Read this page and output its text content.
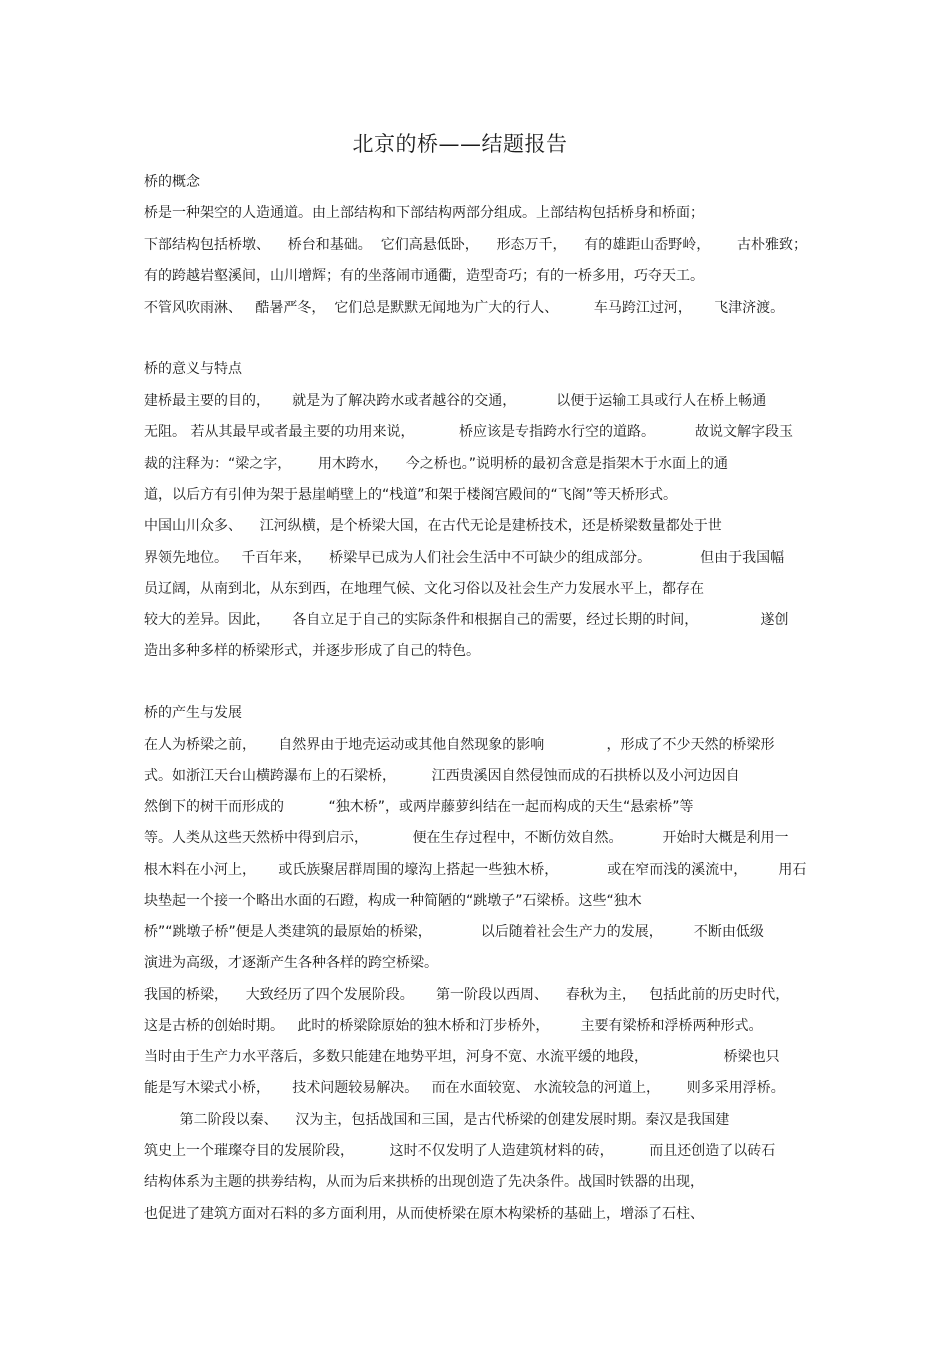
北京的桥——结题报告
桥的概念
桥是一种架空的人造通道。由上部结构和下部结构两部分组成。上部结构包括桥身和桥面；
下部结构包括桥墩、    桥台和基础。  它们高悬低卧，    形态万千，    有的雄距山岙野岭，      古朴雅致；
有的跨越岩壑溪间，山川增辉；有的坐落闹市通衢，造型奇巧；有的一桥多用，巧夺天工。
不管风吹雨淋、   酷暑严冬，  它们总是默默无闻地为广大的行人、        车马跨江过河，     飞津济渡。
桥的意义与特点
建桥最主要的目的，     就是为了解决跨水或者越谷的交通，         以便于运输工具或行人在桥上畅通
无阻。 若从其最早或者最主要的功用来说，          桥应该是专指跨水行空的道路。         故说文解字段玉
裁的注释为：“梁之字，      用木跨水，    今之桥也。”说明桥的最初含意是指架木于水面上的通
道，以后方有引伸为架于悬崖峭壁上的“栈道”和架于楼阁宫殿间的“飞阁”等天桥形式。
中国山川众多、    江河纵横，是个桥梁大国，在古代无论是建桥技术，还是桥梁数量都处于世
界领先地位。   千百年来，    桥梁早已成为人们社会生活中不可缺少的组成部分。           但由于我国幅
员辽阔，从南到北，从东到西，在地理气候、文化习俗以及社会生产力发展水平上，都存在
较大的差异。因此，     各自立足于自己的实际条件和根据自己的需要，经过长期的时间，              遂创
造出多种多样的桥梁形式，并逐步形成了自己的特色。
桥的产生与发展
在人为桥梁之前，     自然界由于地壳运动或其他自然现象的影响              ，形成了不少天然的桥梁形
式。如浙江天台山横跨瀑布上的石梁桥，        江西贵溪因自然侵蚀而成的石拱桥以及小河边因自
然倒下的树干而形成的          “独木桥”，或两岸藤萝纠结在一起而构成的天生“悬索桥”等
等。人类从这些天然桥中得到启示，          便在生存过程中，不断仿效自然。         开始时大概是利用一
根木料在小河上，     或氏族聚居群周围的壕沟上搭起一些独木桥，           或在窄而浅的溪流中，       用石
块垫起一个接一个略出水面的石蹬，构成一种简陋的“跳墩子”石梁桥。这些“独木
桥”“跳墩子桥”便是人类建筑的最原始的桥梁，           以后随着社会生产力的发展，       不断由低级
演进为高级，才逐渐产生各种各样的跨空桥梁。
我国的桥梁，    大致经历了四个发展阶段。     第一阶段以西周、    春秋为主，   包括此前的历史时代，
这是古桥的创始时期。   此时的桥梁除原始的独木桥和汀步桥外，       主要有梁桥和浮桥两种形式。
当时由于生产力水平落后，多数只能建在地势平坦，河身不宽、水流平缓的地段，                 桥梁也只
能是写木梁式小桥，     技术问题较易解决。   而在水面较宽、 水流较急的河道上，      则多采用浮桥。
第二阶段以秦、    汉为主，包括战国和三国，是古代桥梁的创建发展时期。秦汉是我国建
筑史上一个璀璨夺目的发展阶段，        这时不仅发明了人造建筑材料的砖，        而且还创造了以砖石
结构体系为主题的拱劵结构，从而为后来拱桥的出现创造了先决条件。战国时铁器的出现，
也促进了建筑方面对石料的多方面利用，从而使桥梁在原木构梁桥的基础上，增添了石柱、
